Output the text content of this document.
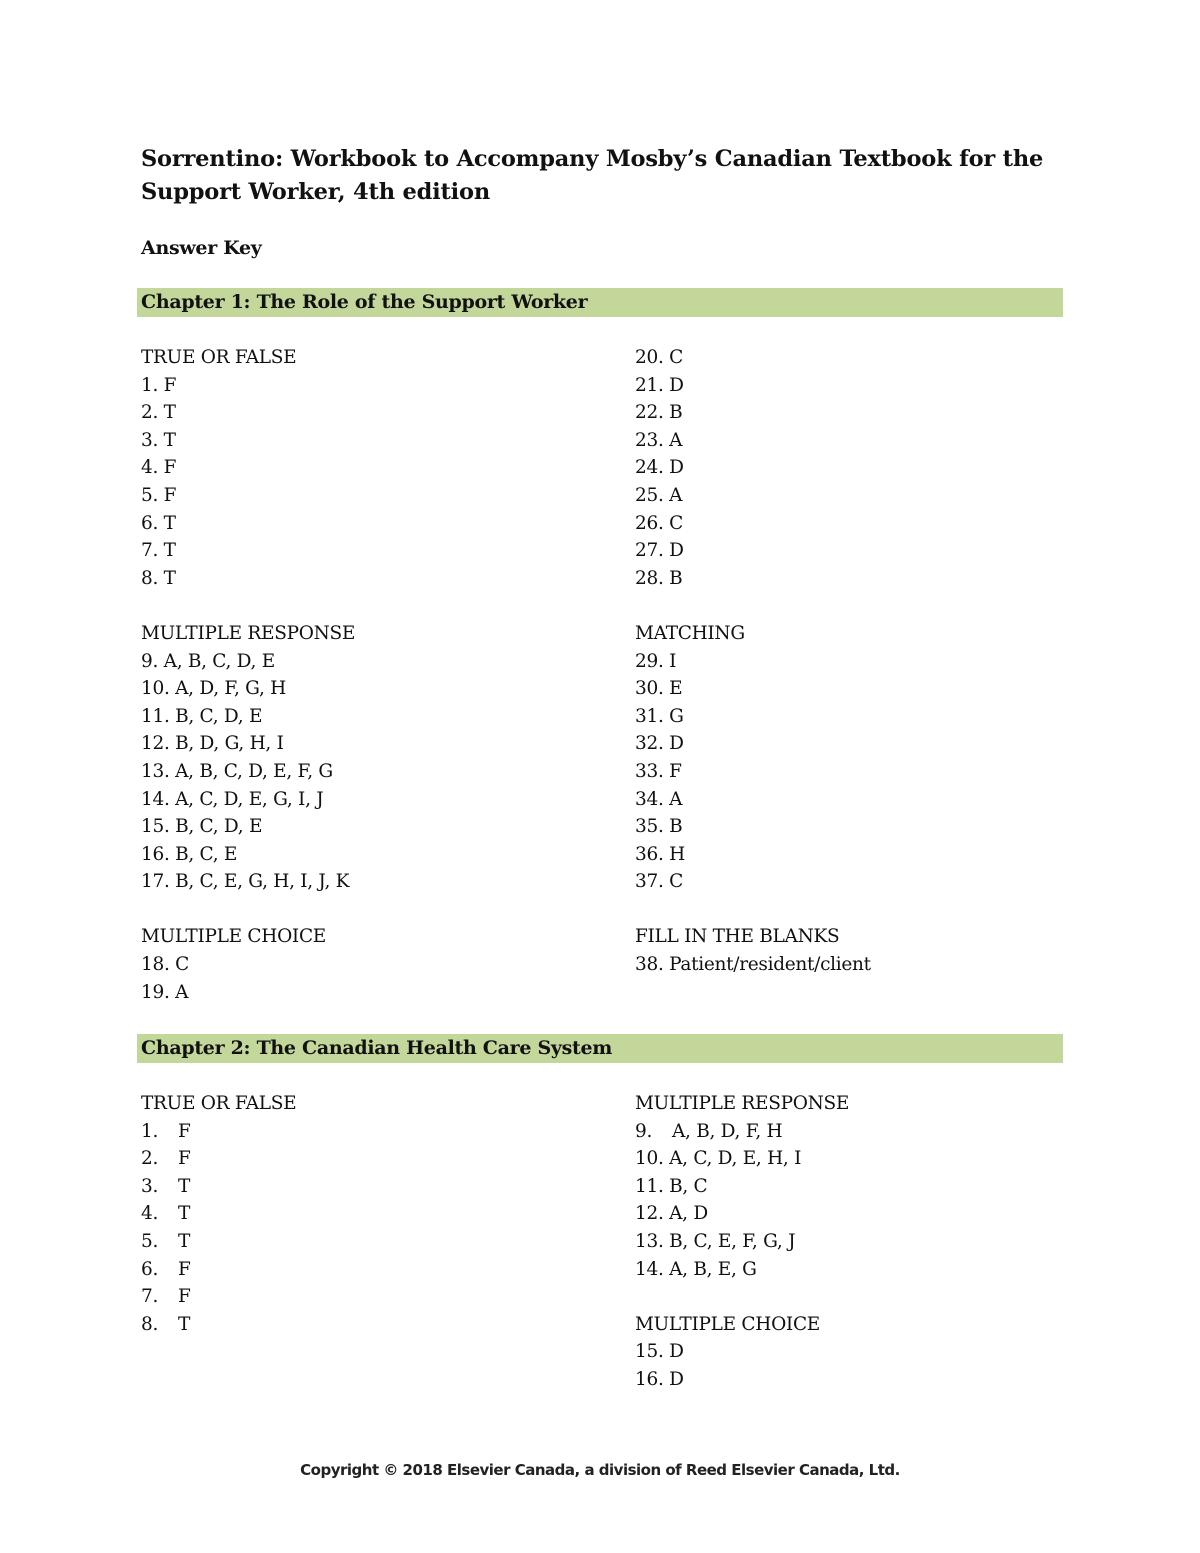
Sorrentino: Workbook to Accompany Mosby’s Canadian Textbook for the Support Worker, 4th edition
Answer Key
Chapter 1: The Role of the Support Worker
TRUE OR FALSE
1. F
2. T
3. T
4. F
5. F
6. T
7. T
8. T
MULTIPLE RESPONSE
9. A, B, C, D, E
10. A, D, F, G, H
11. B, C, D, E
12. B, D, G, H, I
13. A, B, C, D, E, F, G
14. A, C, D, E, G, I, J
15. B, C, D, E
16. B, C, E
17. B, C, E, G, H, I, J, K
MULTIPLE CHOICE
18. C
19. A
20. C
21. D
22. B
23. A
24. D
25. A
26. C
27. D
28. B
MATCHING
29. I
30. E
31. G
32. D
33. F
34. A
35. B
36. H
37. C
FILL IN THE BLANKS
38. Patient/resident/client
Chapter 2: The Canadian Health Care System
TRUE OR FALSE
1. F
2. F
3. T
4. T
5. T
6. F
7. F
8. T
MULTIPLE RESPONSE
9. A, B, D, F, H
10. A, C, D, E, H, I
11. B, C
12. A, D
13. B, C, E, F, G, J
14. A, B, E, G
MULTIPLE CHOICE
15. D
16. D
Copyright © 2018 Elsevier Canada, a division of Reed Elsevier Canada, Ltd.
